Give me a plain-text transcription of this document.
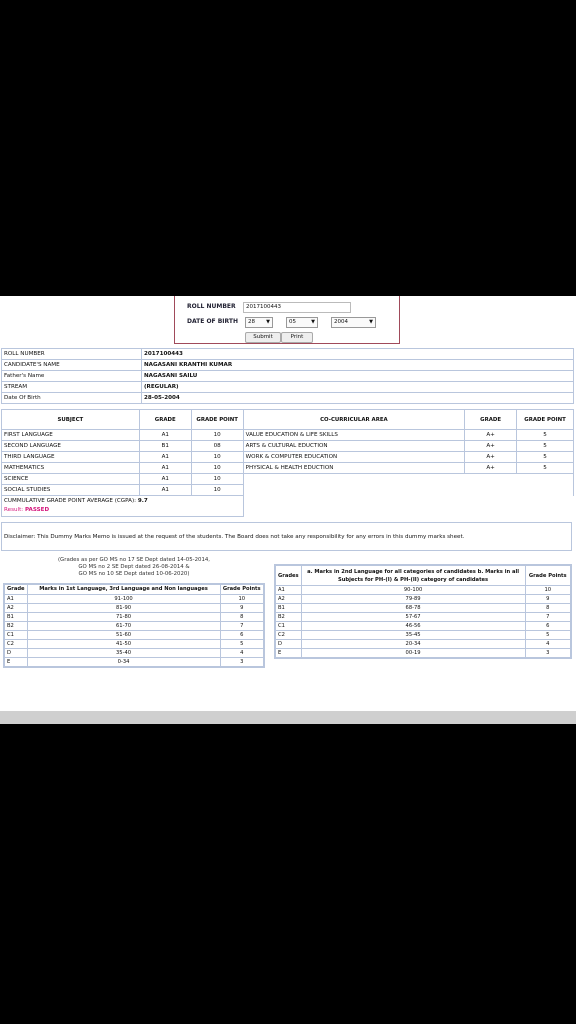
ROLL NUMBER	2017100443
DATE OF BIRTH	28 ▼	05	▼	2004	▼
Submit	Print
ROLL NUMBER	2017100443
CANDIDATE'S NAME	NAGASANI KRANTHI KUMAR
Father's Name	NAGASANI SAILU
STREAM	(REGULAR)
Date Of Birth	28-05-2004
SUBJECT	GRADE	GRADE POINT	CO-CURRICULAR AREA	GRADE	GRADE POINT
FIRST LANGUAGE	A1	10	VALUE EDUCATION & LIFE SKILLS	A+	5
SECOND LANGUAGE	B1	08	ARTS & CULTURAL EDUCTION	A+	5
THIRD LANGUAGE	A1	10	WORK & COMPUTER EDUCATION	A+	5
MATHEMATICS	A1	10	PHYSICAL & HEALTH EDUCTION	A+	5
SCIENCE	A1	10			
SOCIAL STUDIES	A1	10			

CUMMULATIVE GRADE POINT AVERAGE (CGPA): 9.7
Result: PASSED					

Disclaimer: This Dummy Marks Memo is issued at the request of the students. The Board does not take any responsibility for any errors in this dummy marks sheet.
(Grades as per GO MS no 17 SE Dept dated 14-05-2014,
GO MS no 2 SE Dept dated 26-08-2014 &
GO MS no 10 SE Dept dated 10-06-2020)
Grade	Marks in 1st Language, 3rd Language and Non languages	Grade Points
A1	91-100	10
A2	81-90	9
B1	71-80	8
B2	61-70	7
C1	51-60	6
C2	41-50	5
D	35-40	4
E	0-34	3
Grades	a. Marks in 2nd Language for all categories of candidates b. Marks in all Subjects for PH-(I) & PH-(II) category of candidates	Grade Points
A1	90-100	10
A2	79-89	9
B1	68-78	8
B2	57-67	7
C1	46-56	6
C2	35-45	5
D	20-34	4
E	00-19	3
